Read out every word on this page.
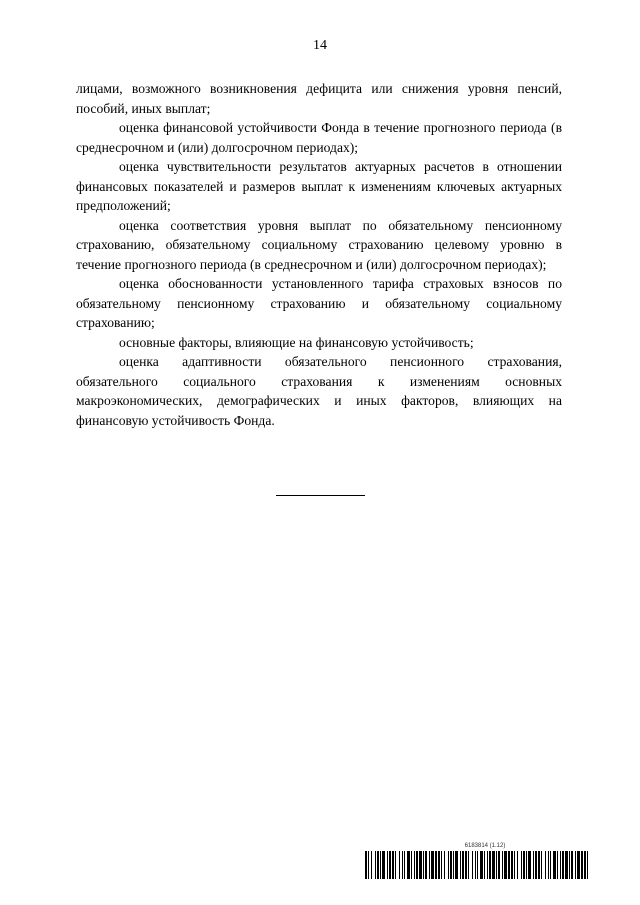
14

лицами, возможного возникновения дефицита или снижения уровня пенсий, пособий, иных выплат;

оценка финансовой устойчивости Фонда в течение прогнозного периода (в среднесрочном и (или) долгосрочном периодах);

оценка чувствительности результатов актуарных расчетов в отношении финансовых показателей и размеров выплат к изменениям ключевых актуарных предположений;

оценка соответствия уровня выплат по обязательному пенсионному страхованию, обязательному социальному страхованию целевому уровню в течение прогнозного периода (в среднесрочном и (или) долгосрочном периодах);

оценка обоснованности установленного тарифа страховых взносов по обязательному пенсионному страхованию и обязательному социальному страхованию;

основные факторы, влияющие на финансовую устойчивость;

оценка адаптивности обязательного пенсионного страхования, обязательного социального страхования к изменениям основных макроэкономических, демографических и иных факторов, влияющих на финансовую устойчивость Фонда.

6183814 (1.12)
